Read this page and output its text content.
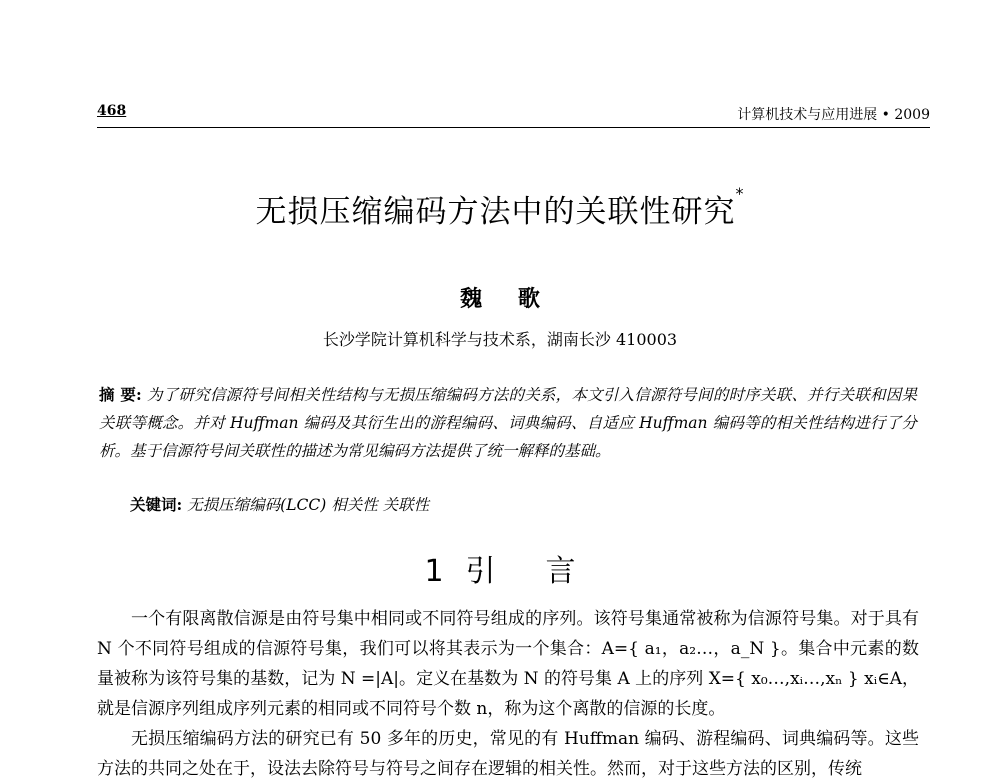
468	计算机技术与应用进展 • 2009
无损压缩编码方法中的关联性研究*
魏 歌
长沙学院计算机科学与技术系，湖南长沙 410003
摘 要: 为了研究信源符号间相关性结构与无损压缩编码方法的关系，本文引入信源符号间的时序关联、并行关联和因果关联等概念。并对 Huffman 编码及其衍生出的游程编码、词典编码、自适应 Huffman 编码等的相关性结构进行了分析。基于信源符号间关联性的描述为常见编码方法提供了统一解释的基础。
关键词: 无损压缩编码(LCC) 相关性 关联性
1 引 言

一个有限离散信源是由符号集中相同或不同符号组成的序列。该符号集通常被称为信源符号集。对于具有 N 个不同符号组成的信源符号集，我们可以将其表示为一个集合：A={ a₁，a₂…，a_N }。集合中元素的数量被称为该符号集的基数，记为 N =|A|。定义在基数为 N 的符号集 A 上的序列 X={ x₀…,xᵢ…,xₙ } xᵢ∈A，就是信源序列组成序列元素的相同或不同符号个数 n，称为这个离散的信源的长度。

无损压缩编码方法的研究已有 50 多年的历史，常见的有 Huffman 编码、游程编码、词典编码等。这些方法的共同之处在于，设法去除符号与符号之间存在逻辑的相关性。然而，对于这些方法的区别，传统
